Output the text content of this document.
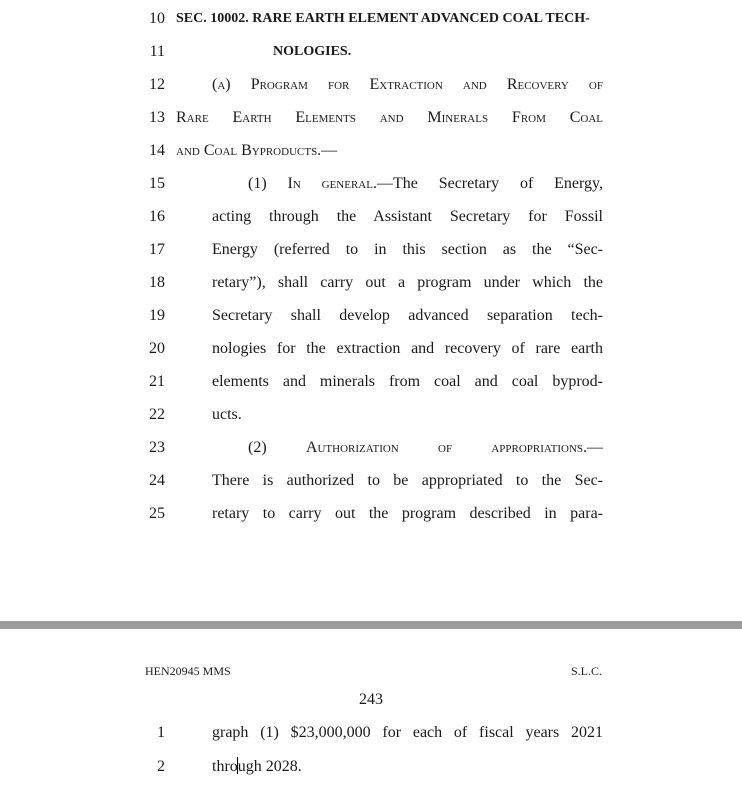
10 SEC. 10002. RARE EARTH ELEMENT ADVANCED COAL TECH-
11	NOLOGIES.
12	(a) Program for Extraction and Recovery of
13 Rare Earth Elements and Minerals From Coal
14 and Coal Byproducts.—
15	(1) In general.—The Secretary of Energy,
16	acting through the Assistant Secretary for Fossil
17	Energy (referred to in this section as the “Sec-
18	retary”), shall carry out a program under which the
19	Secretary shall develop advanced separation tech-
20	nologies for the extraction and recovery of rare earth
21	elements and minerals from coal and coal byprod-
22	ucts.
23	(2) Authorization of appropriations.—
24	There is authorized to be appropriated to the Sec-
25	retary to carry out the program described in para-
HEN20945 MMS	S.L.C.
243
1	graph (1) $23,000,000 for each of fiscal years 2021
2	through 2028.
